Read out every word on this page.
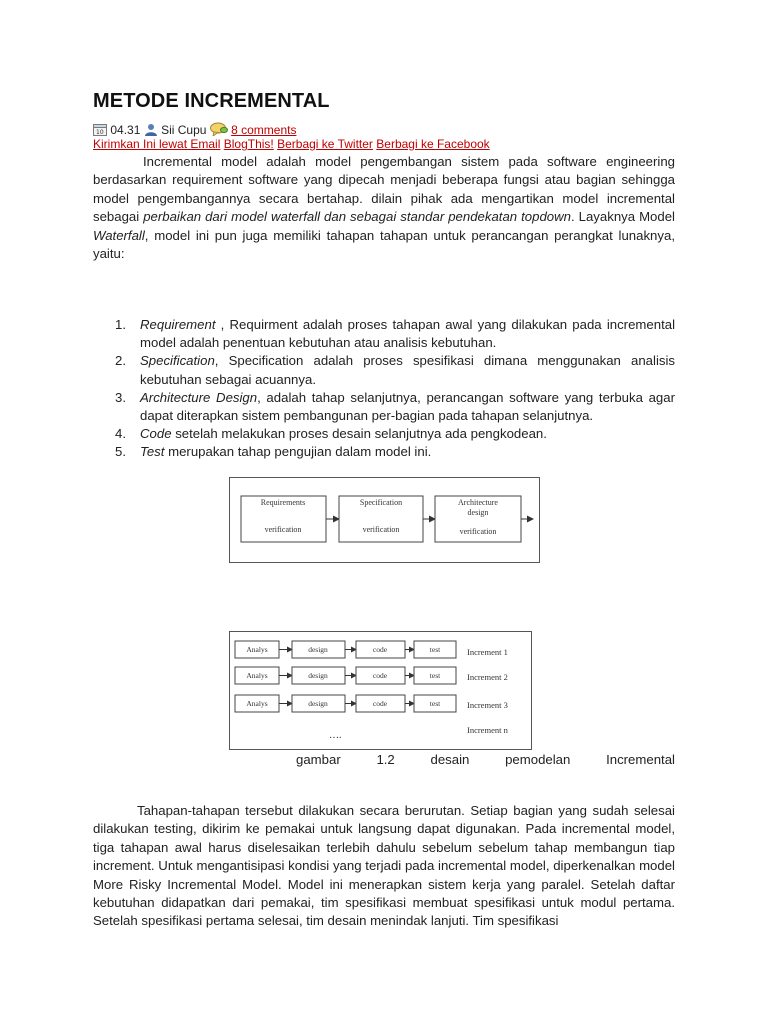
METODE INCREMENTAL
10 04.31 Sii Cupu 8 comments
Kirimkan Ini lewat Email BlogThis! Berbagi ke Twitter Berbagi ke Facebook

Incremental model adalah model pengembangan sistem pada software engineering berdasarkan requirement software yang dipecah menjadi beberapa fungsi atau bagian sehingga model pengembangannya secara bertahap. dilain pihak ada mengartikan model incremental sebagai perbaikan dari model waterfall dan sebagai standar pendekatan topdown. Layaknya Model Waterfall, model ini pun juga memiliki tahapan tahapan untuk perancangan perangkat lunaknya, yaitu:

1. Requirement , Requirment adalah proses tahapan awal yang dilakukan pada incremental model adalah penentuan kebutuhan atau analisis kebutuhan.
2. Specification, Specification adalah proses spesifikasi dimana menggunakan analisis kebutuhan sebagai acuannya.
3. Architecture Design, adalah tahap selanjutnya, perancangan software yang terbuka agar dapat diterapkan sistem pembangunan per-bagian pada tahapan selanjutnya.
4. Code setelah melakukan proses desain selanjutnya ada pengkodean.
5. Test merupakan tahap pengujian dalam model ini.
Requirements
verification
Specification
verification
Architecture
design
verification
Analys	design	code	test	Increment 1
Analys	design	code	test	Increment 2
Analys	design	code	test	Increment 3
Increment n
….
gambar	1.2	desain	pemodelan	Incremental

Tahapan-tahapan tersebut dilakukan secara berurutan. Setiap bagian yang sudah selesai dilakukan testing, dikirim ke pemakai untuk langsung dapat digunakan. Pada incremental model, tiga tahapan awal harus diselesaikan terlebih dahulu sebelum sebelum tahap membangun tiap increment. Untuk mengantisipasi kondisi yang terjadi pada incremental model, diperkenalkan model More Risky Incremental Model. Model ini menerapkan sistem kerja yang paralel. Setelah daftar kebutuhan didapatkan dari pemakai, tim spesifikasi membuat spesifikasi untuk modul pertama. Setelah spesifikasi pertama selesai, tim desain menindak lanjuti. Tim spesifikasi
